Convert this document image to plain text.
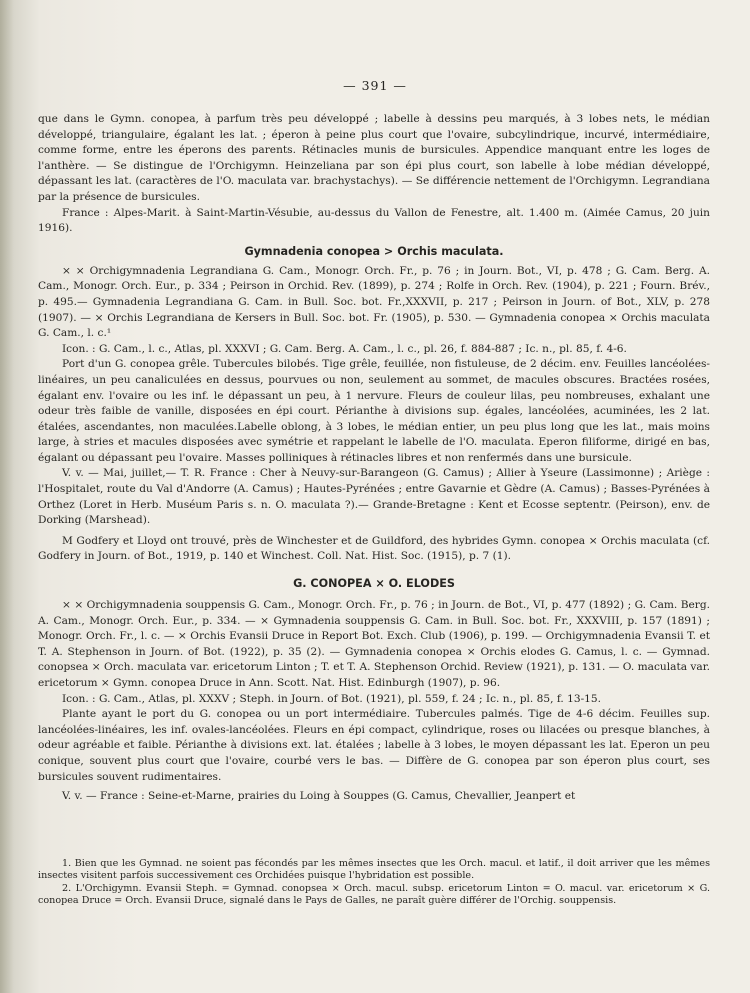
— 391 —

que dans le Gymn. conopea, à parfum très peu développé ; labelle à dessins peu marqués, à 3 lobes nets, le médian développé, triangulaire, égalant les lat. ; éperon à peine plus court que l'ovaire, subcylindrique, incurvé, intermédiaire, comme forme, entre les éperons des parents. Rétinacles munis de bursicules. Appendice manquant entre les loges de l'anthère. — Se distingue de l'Orchigymn. Heinzeliana par son épi plus court, son labelle à lobe médian développé, dépassant les lat. (caractères de l'O. maculata var. brachystachys). — Se différencie nettement de l'Orchigymn. Legrandiana par la présence de bursicules.

France : Alpes-Marit. à Saint-Martin-Vésubie, au-dessus du Vallon de Fenestre, alt. 1.400 m. (Aimée Camus, 20 juin 1916).

Gymnadenia conopea > Orchis maculata.

× × Orchigymnadenia Legrandiana G. Cam., Monogr. Orch. Fr., p. 76 ; in Journ. Bot., VI, p. 478 ; G. Cam. Berg. A. Cam., Monogr. Orch. Eur., p. 334 ; Peirson in Orchid. Rev. (1899), p. 274 ; Rolfe in Orch. Rev. (1904), p. 221 ; Fourn. Brév., p. 495.— Gymnadenia Legrandiana G. Cam. in Bull. Soc. bot. Fr.,XXXVII, p. 217 ; Peirson in Journ. of Bot., XLV, p. 278 (1907). — × Orchis Legrandiana de Kersers in Bull. Soc. bot. Fr. (1905), p. 530. — Gymnadenia conopea × Orchis maculata G. Cam., l. c.¹

Icon. : G. Cam., l. c., Atlas, pl. XXXVI ; G. Cam. Berg. A. Cam., l. c., pl. 26, f. 884-887 ; Ic. n., pl. 85, f. 4-6.

Port d'un G. conopea grêle. Tubercules bilobés. Tige grêle, feuillée, non fistuleuse, de 2 décim. env. Feuilles lancéolées-linéaires, un peu canaliculées en dessus, pourvues ou non, seulement au sommet, de macules obscures. Bractées rosées, égalant env. l'ovaire ou les inf. le dépassant un peu, à 1 nervure. Fleurs de couleur lilas, peu nombreuses, exhalant une odeur très faible de vanille, disposées en épi court. Périanthe à divisions sup. égales, lancéolées, acuminées, les 2 lat. étalées, ascendantes, non maculées.Labelle oblong, à 3 lobes, le médian entier, un peu plus long que les lat., mais moins large, à stries et macules disposées avec symétrie et rappelant le labelle de l'O. maculata. Eperon filiforme, dirigé en bas, égalant ou dépassant peu l'ovaire. Masses polliniques à rétinacles libres et non renfermés dans une bursicule.

V. v. — Mai, juillet,— T. R. France : Cher à Neuvy-sur-Barangeon (G. Camus) ; Allier à Yseure (Lassimonne) ; Ariège : l'Hospitalet, route du Val d'Andorre (A. Camus) ; Hautes-Pyrénées ; entre Gavarnie et Gèdre (A. Camus) ; Basses-Pyrénées à Orthez (Loret in Herb. Muséum Paris s. n. O. maculata ?).— Grande-Bretagne : Kent et Ecosse septentr. (Peirson), env. de Dorking (Marshead).

M Godfery et Lloyd ont trouvé, près de Winchester et de Guildford, des hybrides Gymn. conopea × Orchis maculata (cf. Godfery in Journ. of Bot., 1919, p. 140 et Winchest. Coll. Nat. Hist. Soc. (1915), p. 7 (1).

G. CONOPEA × O. ELODES

× × Orchigymnadenia souppensis G. Cam., Monogr. Orch. Fr., p. 76 ; in Journ. de Bot., VI, p. 477 (1892) ; G. Cam. Berg. A. Cam., Monogr. Orch. Eur., p. 334. — × Gymnadenia souppensis G. Cam. in Bull. Soc. bot. Fr., XXXVIII, p. 157 (1891) ; Monogr. Orch. Fr., l. c. — × Orchis Evansii Druce in Report Bot. Exch. Club (1906), p. 199. — Orchigymnadenia Evansii T. et T. A. Stephenson in Journ. of Bot. (1922), p. 35 (2). — Gymnadenia conopea × Orchis elodes G. Camus, l. c. — Gymnad. conopsea × Orch. maculata var. ericetorum Linton ; T. et T. A. Stephenson Orchid. Review (1921), p. 131. — O. maculata var. ericetorum × Gymn. conopea Druce in Ann. Scott. Nat. Hist. Edinburgh (1907), p. 96.

Icon. : G. Cam., Atlas, pl. XXXV ; Steph. in Journ. of Bot. (1921), pl. 559, f. 24 ; Ic. n., pl. 85, f. 13-15.

Plante ayant le port du G. conopea ou un port intermédiaire. Tubercules palmés. Tige de 4-6 décim. Feuilles sup. lancéolées-linéaires, les inf. ovales-lancéolées. Fleurs en épi compact, cylindrique, roses ou lilacées ou presque blanches, à odeur agréable et faible. Périanthe à divisions ext. lat. étalées ; labelle à 3 lobes, le moyen dépassant les lat. Eperon un peu conique, souvent plus court que l'ovaire, courbé vers le bas. — Diffère de G. conopea par son éperon plus court, ses bursicules souvent rudimentaires.

V. v. — France : Seine-et-Marne, prairies du Loing à Souppes (G. Camus, Chevallier, Jeanpert et

1. Bien que les Gymnad. ne soient pas fécondés par les mêmes insectes que les Orch. macul. et latif., il doit arriver que les mêmes insectes visitent parfois successivement ces Orchidées puisque l'hybridation est possible.

2. L'Orchigymn. Evansii Steph. = Gymnad. conopsea × Orch. macul. subsp. ericetorum Linton = O. macul. var. ericetorum × G. conopea Druce = Orch. Evansii Druce, signalé dans le Pays de Galles, ne paraît guère différer de l'Orchig. souppensis.
